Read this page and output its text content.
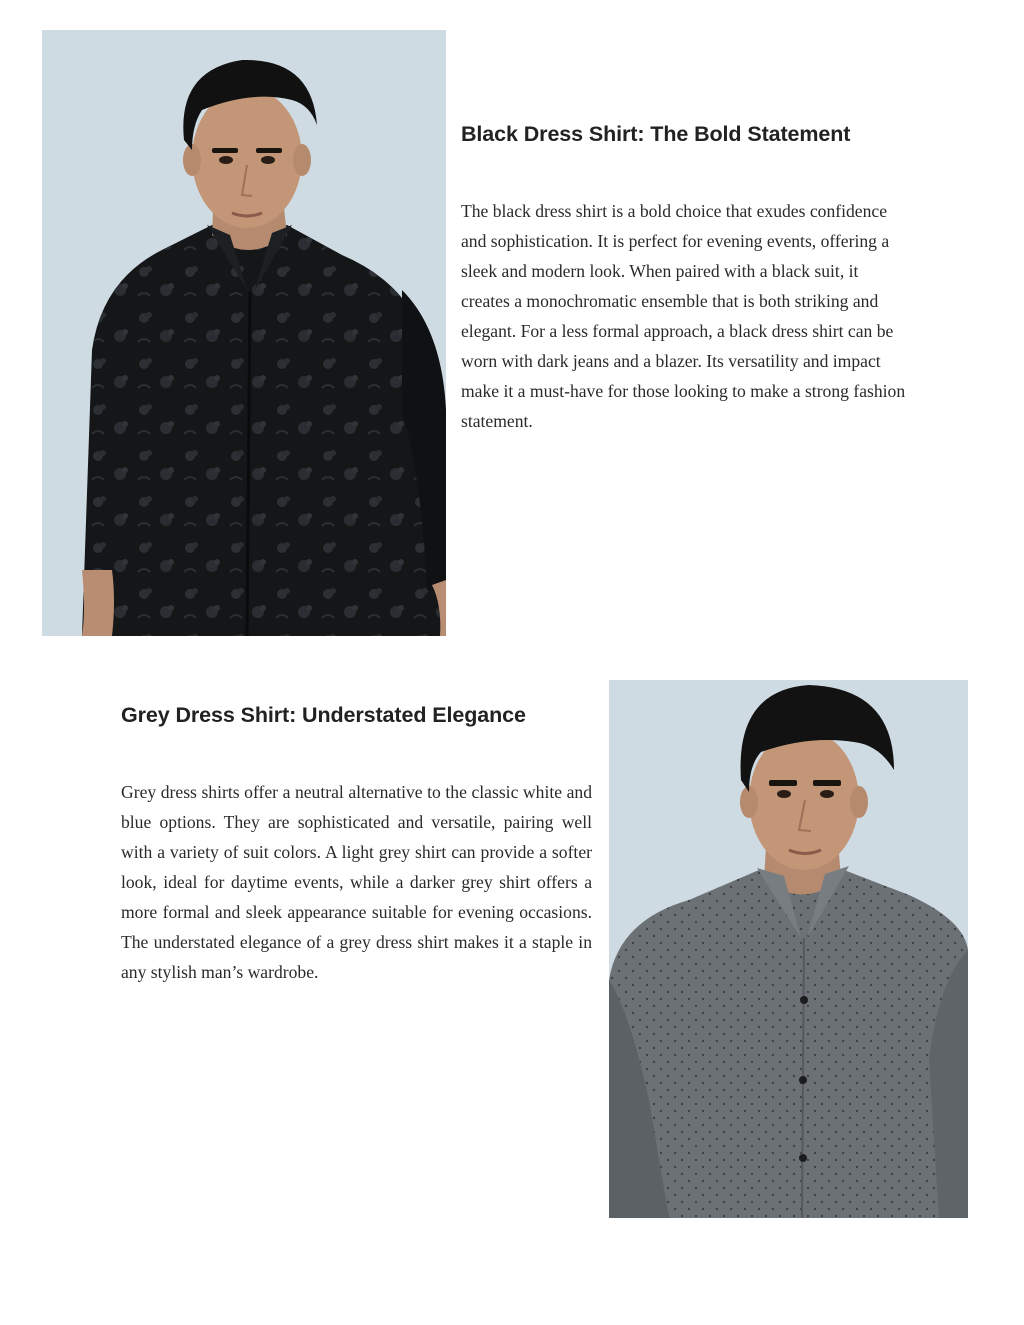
Black Dress Shirt: The Bold Statement

The black dress shirt is a bold choice that exudes confidence and sophistication. It is perfect for evening events, offering a sleek and modern look. When paired with a black suit, it creates a monochromatic ensemble that is both striking and elegant. For a less formal approach, a black dress shirt can be worn with dark jeans and a blazer. Its versatility and impact make it a must-have for those looking to make a strong fashion statement.

Grey Dress Shirt: Understated Elegance

Grey dress shirts offer a neutral alternative to the classic white and blue options. They are sophisticated and versatile, pairing well with a variety of suit colors. A light grey shirt can provide a softer look, ideal for daytime events, while a darker grey shirt offers a more formal and sleek appearance suitable for evening occasions. The understated elegance of a grey dress shirt makes it a staple in any stylish man’s wardrobe.
